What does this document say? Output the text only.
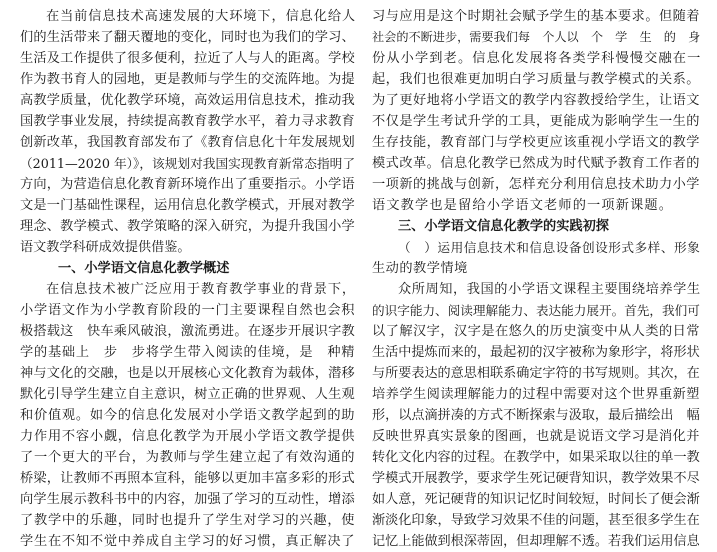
在当前信息技术高速发展的大环境下，信息化给人
们的生活带来了翻天覆地的变化，同时也为我们的学习、
生活及工作提供了很多便利，拉近了人与人的距离。学校
作为教书育人的园地，更是教师与学生的交流阵地。为提
高教学质量，优化教学环境，高效运用信息技术，推动我
国教学事业发展，持续提高教育教学水平，着力寻求教育
创新改革，我国教育部发布了《教育信息化十年发展规划
（2011—2020 年）》，该规划对我国实现教育新常态指明了
方向，为营造信息化教育新环境作出了重要指示。小学语
文是一门基础性课程，运用信息化教学模式，开展对教学
理念、教学模式、教学策略的深入研究，为提升我国小学
语文教学科研成效提供借鉴。
一、小学语文信息化教学概述
在信息技术被广泛应用于教育教学事业的背景下，
小学语文作为小学教育阶段的一门主要课程自然也会积
极搭载这　快车乘风破浪，激流勇进。在逐步开展识字教
学的基础上　步　步将学生带入阅读的佳境，是　种精
神与文化的交融，也是以开展核心文化教育为载体，潜移
默化引导学生建立自主意识，树立正确的世界观、人生观
和价值观。如今的信息化发展对小学语文教学起到的助
力作用不容小觑，信息化教学为开展小学语文教学提供
了一个更大的平台，为教师与学生建立起了有效沟通的
桥梁，让教师不再照本宣科，能够以更加丰富多彩的形式
向学生展示教科书中的内容，加强了学习的互动性，增添
了教学中的乐趣，同时也提升了学生对学习的兴趣，使
学生在不知不觉中养成自主学习的好习惯，真正解决了
习与应用是这个时期社会赋予学生的基本要求。但随着
社会的不断进步，需要我们每　个人以　个　学　生　的　身
份从小学到老。信息化发展将各类学科慢慢交融在一
起，我们也很难更加明白学习质量与教学模式的关系。
为了更好地将小学语文的教学内容教授给学生，让语文
不仅是学生考试升学的工具，更能成为影响学生一生的
生存技能，教育部门与学校更应该重视小学语文的教学
模式改革。信息化教学已然成为时代赋予教育工作者的
一项新的挑战与创新，怎样充分利用信息技术助力小学
语文教学也是留给小学语文老师的一项新课题。
三、小学语文信息化教学的实践初探
（　）运用信息技术和信息设备创设形式多样、形象
生动的教学情境
众所周知，我国的小学语文课程主要围绕培养学生
的识字能力、阅读理解能力、表达能力展开。首先，我们可
以了解汉字，汉字是在悠久的历史演变中从人类的日常
生活中提炼而来的，最起初的汉字被称为象形字，将形状
与所要表达的意思相联系确定字符的书写规则。其次，在
培养学生阅读理解能力的过程中需要对这个世界重新塑
形，以点滴拼凑的方式不断探索与汲取，最后描绘出　幅
反映世界真实景象的图画，也就是说语文学习是消化并
转化文化内容的过程。在教学中，如果采取以往的单一教
学模式开展教学，要求学生死记硬背知识，教学效果不尽
如人意，死记硬背的知识记忆时间较短，时间长了便会渐
渐淡化印象，导致学习效果不佳的问题，甚至很多学生在
记忆上能做到根深蒂固，但却理解不透。若我们运用信息
